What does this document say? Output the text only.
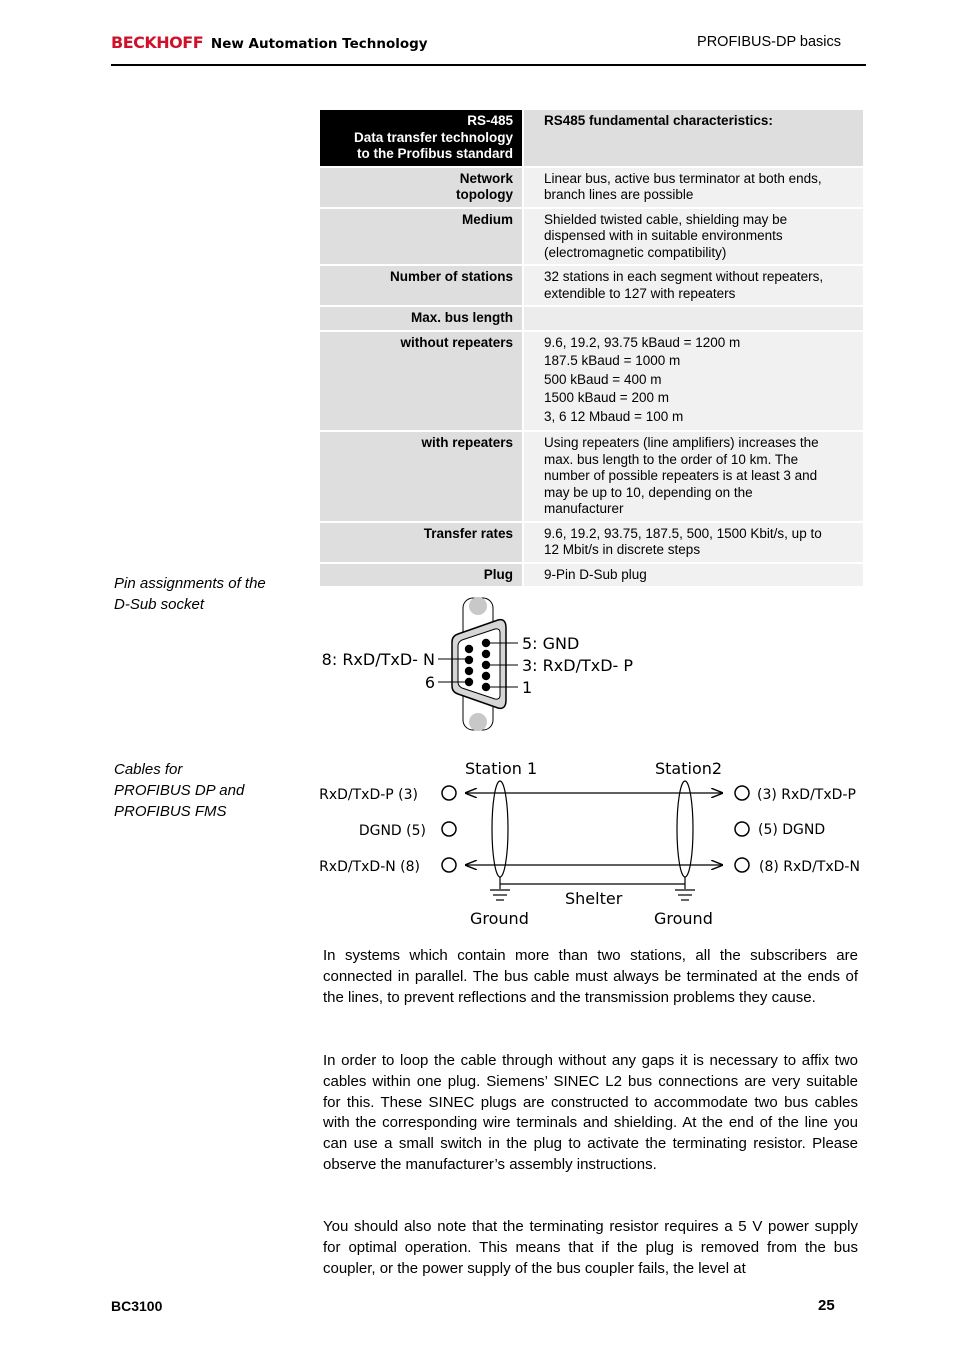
BECKHOFF New Automation Technology	PROFIBUS-DP basics
RS-485
Data transfer technology
to the Profibus standard	RS485 fundamental characteristics:

Network
topology	Linear bus, active bus terminator at both ends,
branch lines are possible

Medium	Shielded twisted cable, shielding may be
dispensed with in suitable environments
(electromagnetic compatibility)

Number of stations	32 stations in each segment without repeaters,
extendible to 127 with repeaters

Max. bus length	

without repeaters	9.6, 19.2, 93.75 kBaud = 1200 m
187.5 kBaud = 1000 m
500 kBaud = 400 m
1500 kBaud = 200 m
3, 6 12 Mbaud = 100 m

with repeaters	Using repeaters (line amplifiers) increases the
max. bus length to the order of 10 km. The
number of possible repeaters is at least 3 and
may be up to 10, depending on the
manufacturer

Transfer rates	9.6, 19.2, 93.75, 187.5, 500, 1500 Kbit/s, up to
12 Mbit/s in discrete steps

Plug	9-Pin D-Sub plug
Pin assignments of the
D-Sub socket
8: RxD/TxD- N
6
5: GND
3: RxD/TxD- P
1
Cables for
PROFIBUS DP and
PROFIBUS FMS
Station 1	Station2
RxD/TxD-P (3)
DGND (5)
RxD/TxD-N (8)
Shelter
Ground	Ground
(3) RxD/TxD-P
(5) DGND
(8) RxD/TxD-N

In systems which contain more than two stations, all the subscribers are connected in parallel. The bus cable must always be terminated at the ends of the lines, to prevent reflections and the transmission problems they cause.

In order to loop the cable through without any gaps it is necessary to affix two cables within one plug. Siemens’ SINEC L2 bus connections are very suitable for this. These SINEC plugs are constructed to accommodate two bus cables with the corresponding wire terminals and shielding. At the end of the line you can use a small switch in the plug to activate the terminating resistor. Please observe the manufacturer’s assembly instructions.

You should also note that the terminating resistor requires a 5 V power supply for optimal operation. This means that if the plug is removed from the bus coupler, or the power supply of the bus coupler fails, the level at

BC3100	25
